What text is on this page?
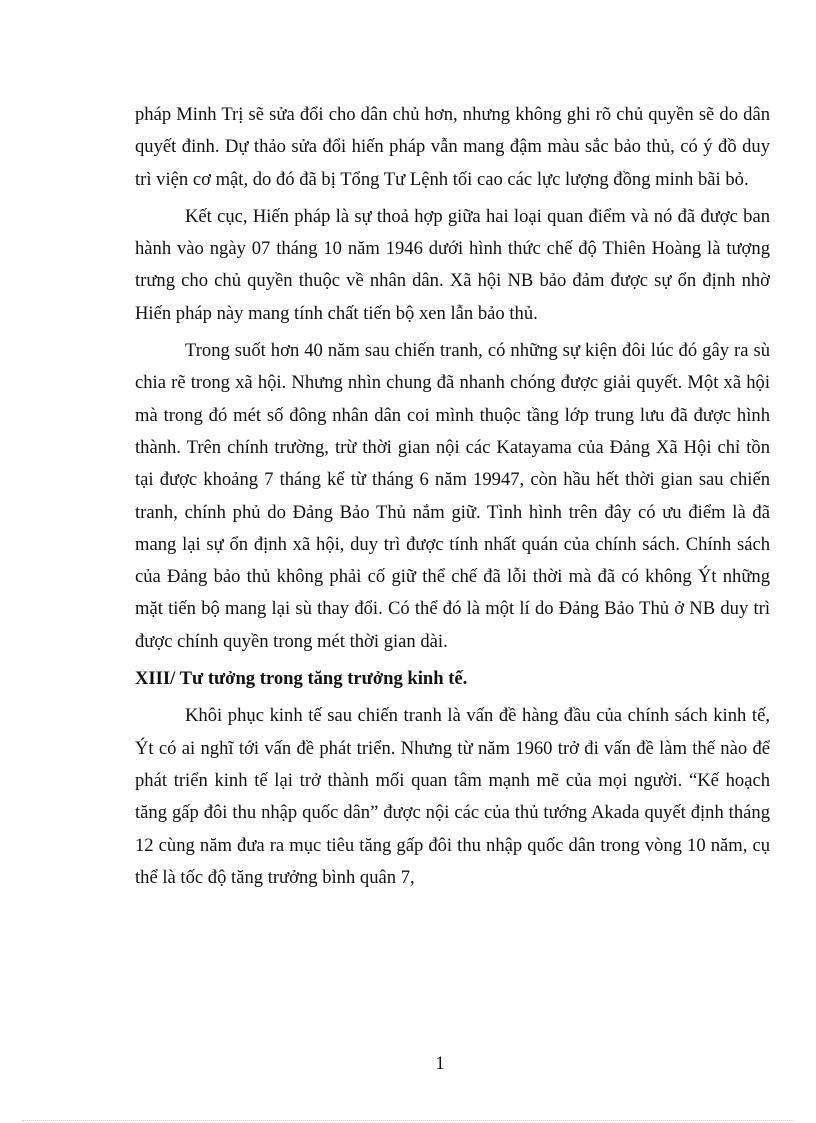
pháp Minh Trị sẽ sửa đổi cho dân chủ hơn, nhưng không ghi rõ chủ quyền sẽ do dân quyết đinh. Dự thảo sửa đổi hiến pháp vẫn mang đậm màu sắc bảo thủ, có ý đồ duy trì viện cơ mật, do đó đã bị Tổng Tư Lệnh tối cao các lực lượng đồng minh bãi bỏ.

Kết cục, Hiến pháp là sự thoả hợp giữa hai loại quan điểm và nó đã được ban hành vào ngày 07 tháng 10 năm 1946 dưới hình thức chế độ Thiên Hoàng là tượng trưng cho chủ quyền thuộc về nhân dân. Xã hội NB bảo đảm được sự ổn định nhờ Hiến pháp này mang tính chất tiến bộ xen lẫn bảo thủ.

Trong suốt hơn 40 năm sau chiến tranh, có những sự kiện đôi lúc đó gây ra sù chia rẽ trong xã hội. Nhưng nhìn chung đã nhanh chóng được giải quyết. Một xã hội mà trong đó mét số đông nhân dân coi mình thuộc tầng lớp trung lưu đã được hình thành. Trên chính trường, trừ thời gian nội các Katayama của Đảng Xã Hội chỉ tồn tại được khoảng 7 tháng kể từ tháng 6 năm 19947, còn hầu hết thời gian sau chiến tranh, chính phủ do Đảng Bảo Thủ nắm giữ. Tình hình trên đây có ưu điểm là đã mang lại sự ổn định xã hội, duy trì được tính nhất quán của chính sách. Chính sách của Đảng bảo thủ không phải cố giữ thể chế đã lỗi thời mà đã có không Ýt những mặt tiến bộ mang lại sù thay đổi. Có thể đó là một lí do Đảng Bảo Thủ ở NB duy trì được chính quyền trong mét thời gian dài.

XIII/ Tư tưởng trong tăng trưởng kinh tế.

Khôi phục kinh tế sau chiến tranh là vấn đề hàng đầu của chính sách kinh tế, Ýt có ai nghĩ tới vấn đề phát triển. Nhưng từ năm 1960 trở đi vấn đề làm thế nào để phát triển kinh tế lại trở thành mối quan tâm mạnh mẽ của mọi người. “Kế hoạch tăng gấp đôi thu nhập quốc dân” được nội các của thủ tướng Akada quyết định tháng 12 cùng năm đưa ra mục tiêu tăng gấp đôi thu nhập quốc dân trong vòng 10 năm, cụ thể là tốc độ tăng trưởng bình quân 7,

1
